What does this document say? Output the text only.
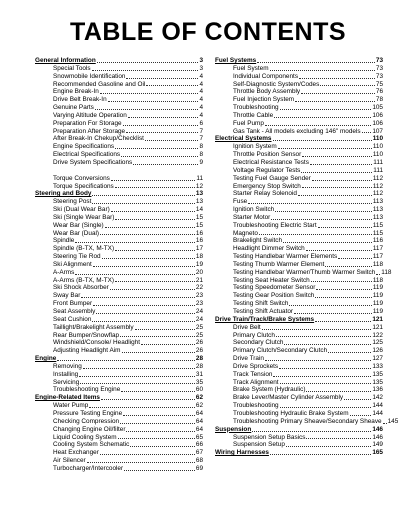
TABLE OF CONTENTS
General Information	3
Special Tools	3
Snowmobile Identification	4
Recommended Gasoline and Oil	4
Engine Break-In	4
Drive Belt Break-In	4
Genuine Parts	4
Varying Altitude Operation	4
Preparation For Storage	6
Preparation After Storage	7
After Break-In Chekup/Checklist	7
Engine Specifications	8
Electrical Specifications	8
Drive System Specifications	9
Torque Conversions	11
Torque Specifications	12
Steering and Body	13
Steering Post	13
Ski (Dual Wear Bar)	14
Ski (Single Wear Bar)	15
Wear Bar (Single)	15
Wear Bar (Dual)	16
Spindle	16
Spindle (B-TX, M-TX)	17
Steering Tie Rod	18
Ski Alignment	19
A-Arms	20
A-Arms (B-TX, M-TX)	21
Ski Shock Absorber	22
Sway Bar	23
Front Bumper	23
Seat Assembly	24
Seat Cushion	24
Taillight/Brakelight Assembly	25
Rear Bumper/Snowflap	25
Windshield/Console/ Headlight	26
Adjusting Headlight Aim	26
Engine	28
Removing	28
Installing	31
Servicing	35
Troubleshooting Engine	60
Engine-Related Items	62
Water Pump	62
Pressure Testing Engine	64
Checking Compression	64
Changing Engine Oil/filter	64
Liquid Cooling System	65
Cooling System Schematic	66
Heat Exchanger	67
Air Silencer	68
Turbocharger/Intercooler	69
Fuel Systems	73
Fuel System	73
Individual Components	73
Self-Diagnostic System/Codes	75
Throttle Body Assembly	76
Fuel Injection System	78
Troubleshooting	105
Throttle Cable	106
Fuel Pump	106
Gas Tank - All models excluding 146" models 107
Electrical Systems	110
Ignition System	110
Throttle Position Sensor	110
Electrical Resistance Tests	111
Voltage Regulator Tests	111
Testing Fuel Gauge Sender	112
Emergency Stop Switch	112
Starter Relay Solenoid	112
Fuse	113
Ignition Switch	113
Starter Motor	113
Troubleshooting Electric Start	115
Magneto	115
Brakelight Switch	116
Headlight Dimmer Switch	117
Testing Handlebar Warmer Elements	117
Testing Thumb Warmer Element	118
Testing Handlebar Warmer/Thumb Warmer Switch 118
Testing Seat Heater Switch	118
Testing Speedometer Sensor	119
Testing Gear Position Switch	119
Testing Shift Switch	119
Testing Shift Actuator	119
Drive Train/Track/Brake Systems	121
Drive Belt	121
Primary Clutch	122
Secondary Clutch	125
Primary Clutch/Secondary Clutch	126
Drive Train	127
Drive Sprockets	133
Track Tension	135
Track Alignment	135
Brake System (Hydraulic)	136
Brake Lever/Master Cylinder Assembly	142
Troubleshooting	144
Troubleshooting Hydraulic Brake System	144
Troubleshooting Primary Sheave/Secondary Sheave 145
Suspension	146
Suspension Setup Basics	146
Suspension Setup	149
Wiring Harnesses	165
